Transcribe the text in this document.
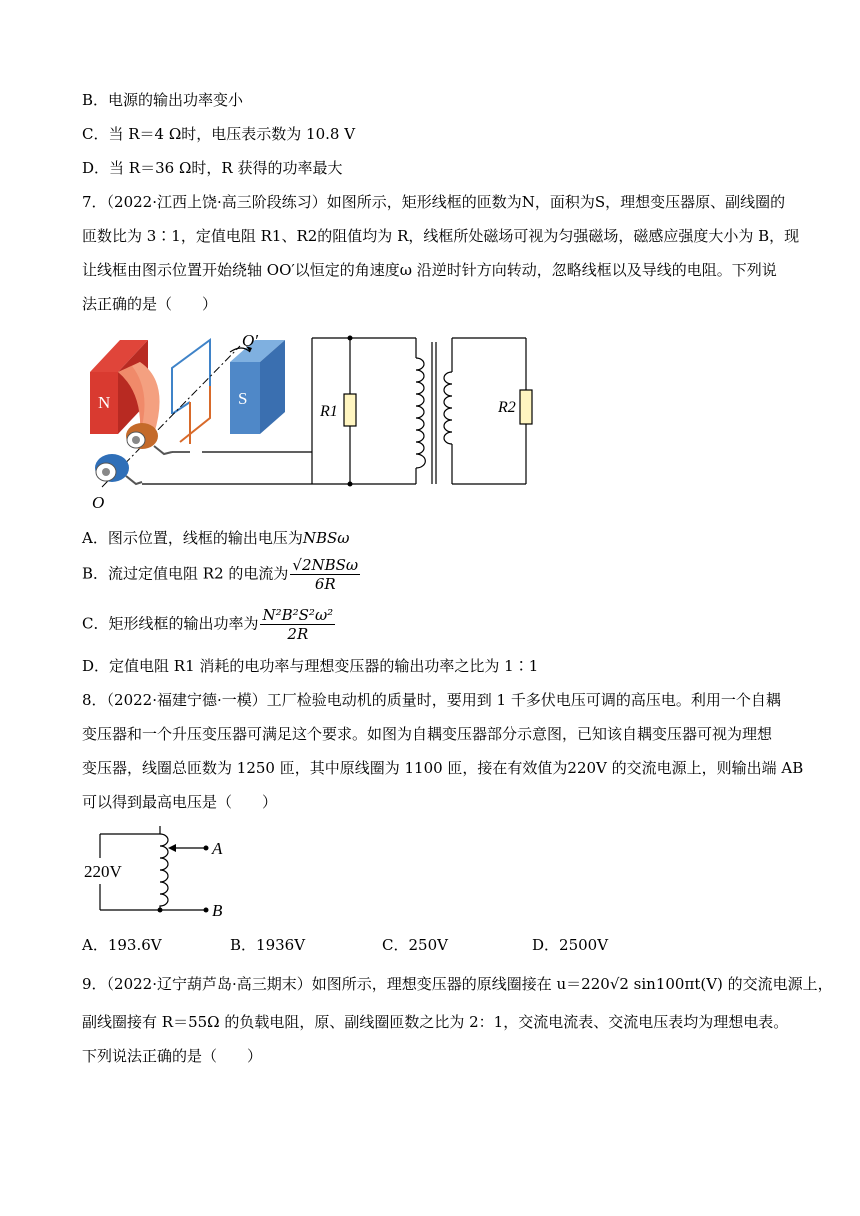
B．电源的输出功率变小
C．当 R＝4 Ω时，电压表示数为 10.8 V
D．当 R＝36 Ω时，R 获得的功率最大
7．（2022·江西上饶·高三阶段练习）如图所示，矩形线框的匝数为N，面积为S，理想变压器原、副线圈的
匝数比为 3∶1，定值电阻 R1、R2的阻值均为 R，线框所处磁场可视为匀强磁场，磁感应强度大小为 B，现
让线框由图示位置开始绕轴 OO′以恒定的角速度ω 沿逆时针方向转动，忽略线框以及导线的电阻。下列说
法正确的是（　　）
N	S
O′
O
R1	R2
A．图示位置，线框的输出电压为NBSω
B．流过定值电阻 R2 的电流为 $\frac{\text{√2NBSω}}{6R}$
C．矩形线框的输出功率为 $\frac{\text{N²B²S²ω²}}{2R}$
D．定值电阻 R1 消耗的电功率与理想变压器的输出功率之比为 1∶1
8．（2022·福建宁德·一模）工厂检验电动机的质量时，要用到 1 千多伏电压可调的高压电。利用一个自耦
变压器和一个升压变压器可满足这个要求。如图为自耦变压器部分示意图，已知该自耦变压器可视为理想
变压器，线圈总匝数为 1250 匝，其中原线圈为 1100 匝，接在有效值为220V 的交流电源上，则输出端 AB
可以得到最高电压是（　　）
220V
A
B
A．193.6V	B．1936V	C．250V	D．2500V
9．（2022·辽宁葫芦岛·高三期末）如图所示，理想变压器的原线圈接在 u＝220√2 sin100πt(V) 的交流电源上，
副线圈接有 R＝55Ω 的负载电阻，原、副线圈匝数之比为 2：1，交流电流表、交流电压表均为理想电表。
下列说法正确的是（　　）
